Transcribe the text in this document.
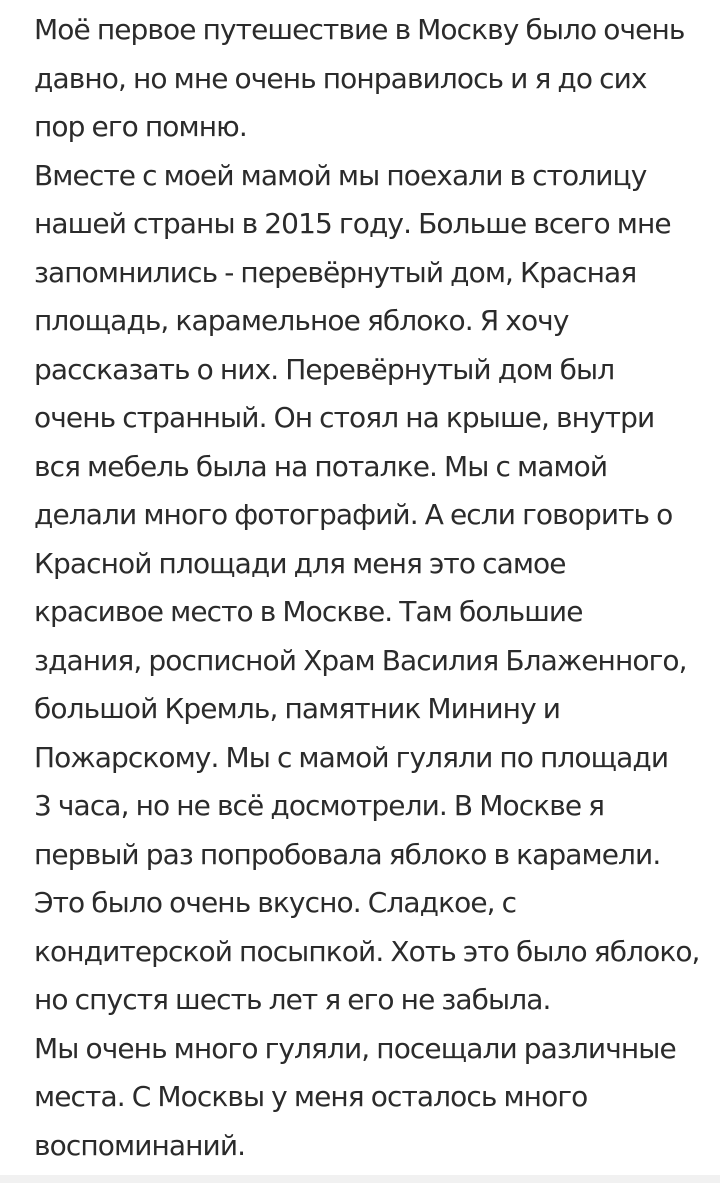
Моё первое путешествие в Москву было очень
давно, но мне очень понравилось и я до сих
пор его помню.
Вместе с моей мамой мы поехали в столицу
нашей страны в 2015 году. Больше всего мне
запомнились - перевёрнутый дом, Красная
площадь, карамельное яблоко. Я хочу
рассказать о них. Перевёрнутый дом был
очень странный. Он стоял на крыше, внутри
вся мебель была на поталке. Мы с мамой
делали много фотографий. А если говорить о
Красной площади для меня это самое
красивое место в Москве. Там большие
здания, росписной Храм Василия Блаженного,
большой Кремль, памятник Минину и
Пожарскому. Мы с мамой гуляли по площади
3 часа, но не всё досмотрели. В Москве я
первый раз попробовала яблоко в карамели.
Это было очень вкусно. Сладкое, с
кондитерской посыпкой. Хоть это было яблоко,
но спустя шесть лет я его не забыла.
Мы очень много гуляли, посещали различные
места. С Москвы у меня осталось много
воспоминаний.
